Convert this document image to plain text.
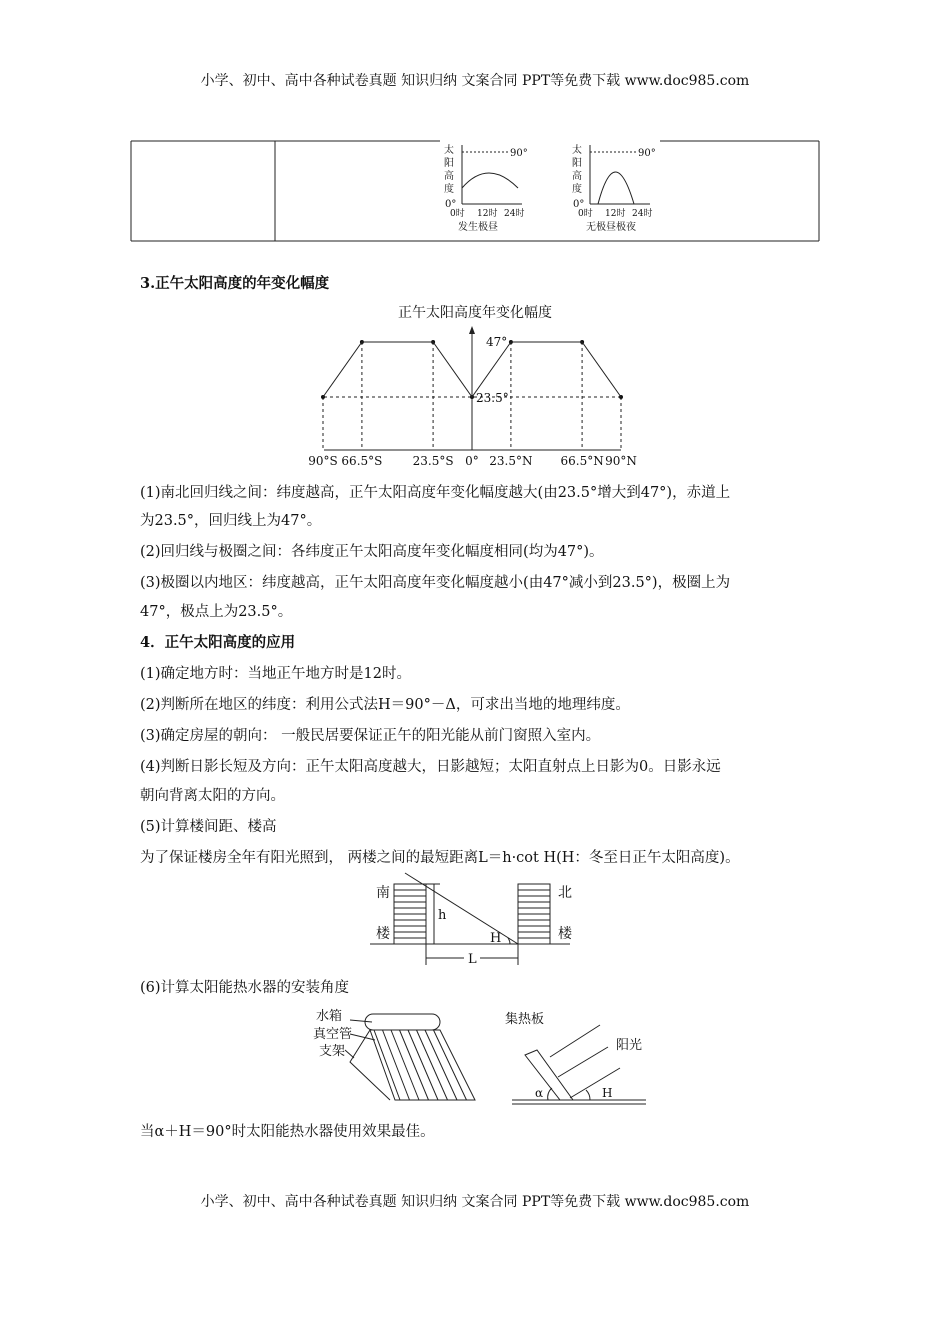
小学、初中、高中各种试卷真题 知识归纳 文案合同 PPT等免费下载 www.doc985.com
太
阳
高
度
90°
0°
0时 12时 24时
发生极昼
太
阳
高
度
90°
0°
0时 12时 24时
无极昼极夜
3.正午太阳高度的年变化幅度
正午太阳高度年变化幅度
90°S 66.5°S	23.5°S 0° 23.5°N 66.5°N 90°N
47°
23.5°
(1)南北回归线之间：纬度越高，正午太阳高度年变化幅度越大(由23.5°增大到47°)，赤道上
为23.5°，回归线上为47°。
(2)回归线与极圈之间：各纬度正午太阳高度年变化幅度相同(均为47°)。
(3)极圈以内地区：纬度越高，正午太阳高度年变化幅度越小(由47°减小到23.5°)，极圈上为
47°，极点上为23.5°。
4．正午太阳高度的应用
(1)确定地方时：当地正午地方时是12时。
(2)判断所在地区的纬度：利用公式法H＝90°－Δ，可求出当地的地理纬度。
(3)确定房屋的朝向： 一般民居要保证正午的阳光能从前门窗照入室内。
(4)判断日影长短及方向：正午太阳高度越大，日影越短；太阳直射点上日影为0。日影永远
朝向背离太阳的方向。
(5)计算楼间距、楼高
为了保证楼房全年有阳光照到， 两楼之间的最短距离L＝h·cot H(H：冬至日正午太阳高度)。
南
楼
北
楼
h
H
L
(6)计算太阳能热水器的安装角度
水箱
真空管
支架
集热板
阳光
α	H
当α＋H＝90°时太阳能热水器使用效果最佳。
小学、初中、高中各种试卷真题 知识归纳 文案合同 PPT等免费下载 www.doc985.com
